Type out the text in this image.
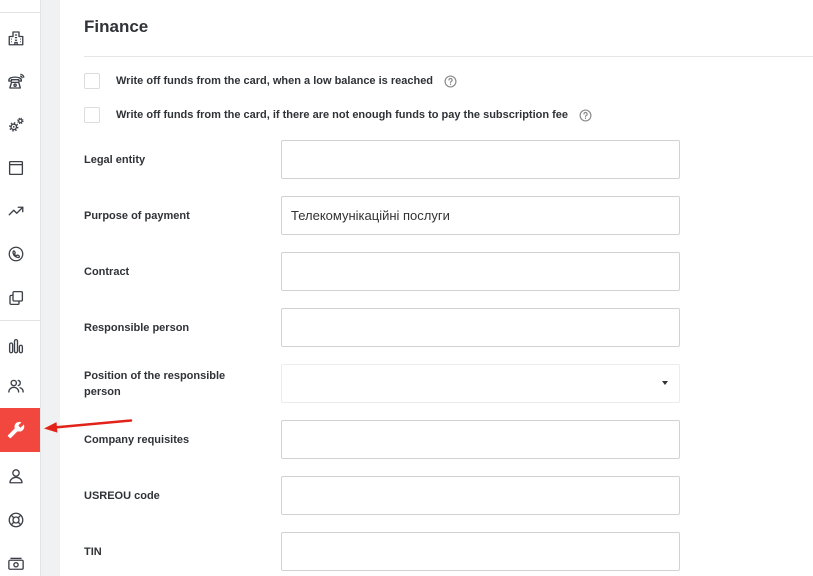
Finance
Write off funds from the card, when a low balance is reached
Write off funds from the card, if there are not enough funds to pay the subscription fee
Legal entity
Purpose of payment
Телекомунікаційні послуги
Contract
Responsible person
Position of the responsible person
Company requisites
USREOU code
TIN
